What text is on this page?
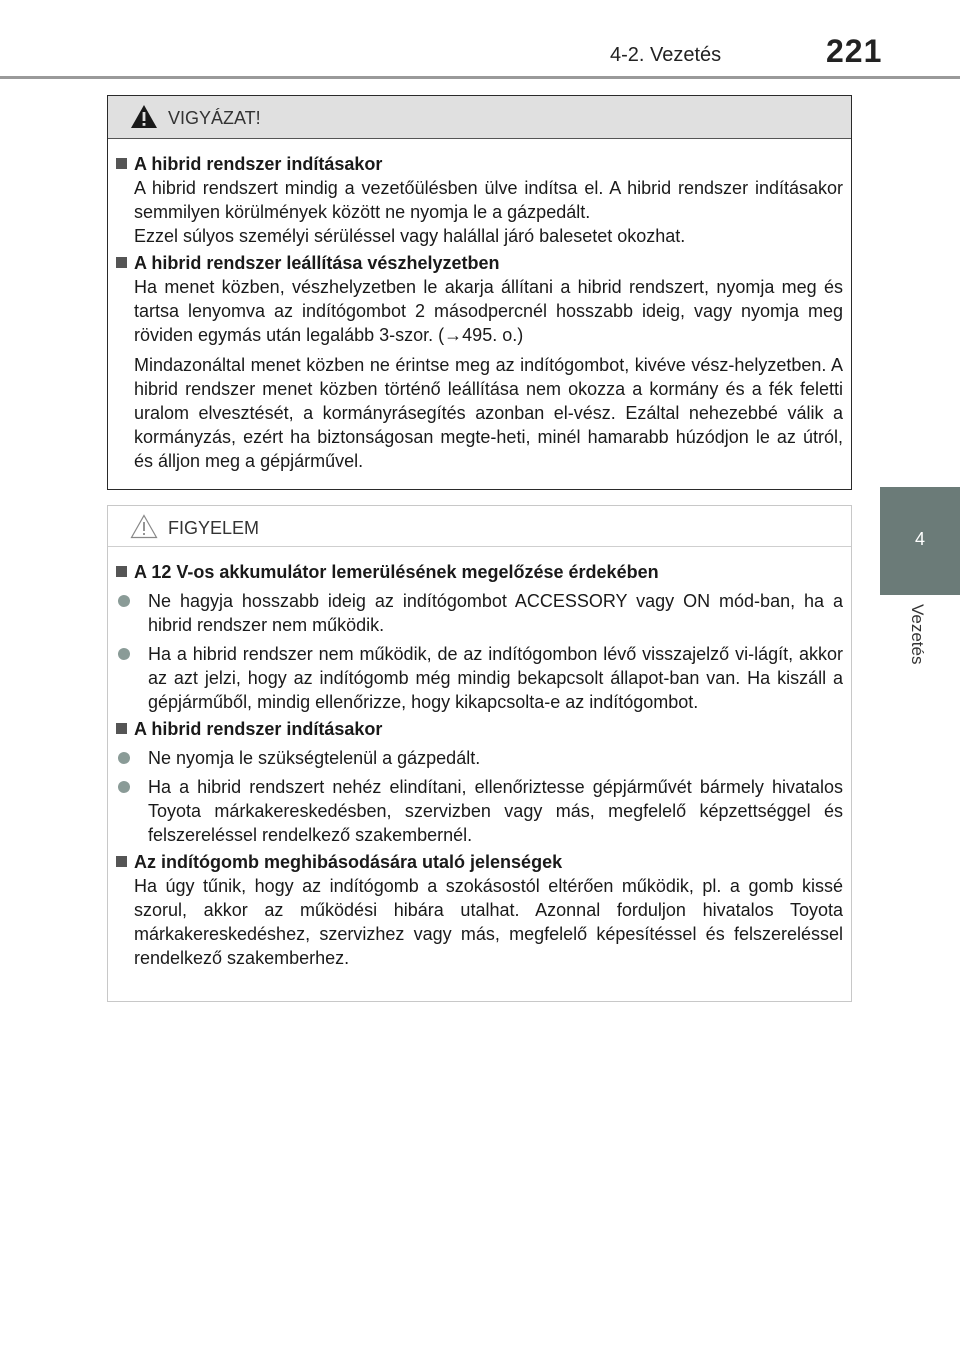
4-2. Vezetés	221
4
Vezetés
VIGYÁZAT!
A hibrid rendszer indításakor
A hibrid rendszert mindig a vezetőülésben ülve indítsa el. A hibrid rendszer indításakor semmilyen körülmények között ne nyomja le a gázpedált.
Ezzel súlyos személyi sérüléssel vagy halállal járó balesetet okozhat.
A hibrid rendszer leállítása vészhelyzetben
Ha menet közben, vészhelyzetben le akarja állítani a hibrid rendszert, nyomja meg és tartsa lenyomva az indítógombot 2 másodpercnél hosszabb ideig, vagy nyomja meg röviden egymás után legalább 3-szor. (→495. o.)
Mindazonáltal menet közben ne érintse meg az indítógombot, kivéve vész-helyzetben. A hibrid rendszer menet közben történő leállítása nem okozza a kormány és a fék feletti uralom elvesztését, a kormányrásegítés azonban el-vész. Ezáltal nehezebbé válik a kormányzás, ezért ha biztonságosan megte-heti, minél hamarabb húzódjon le az útról, és álljon meg a gépjárművel.
FIGYELEM
A 12 V-os akkumulátor lemerülésének megelőzése érdekében
Ne hagyja hosszabb ideig az indítógombot ACCESSORY vagy ON mód-ban, ha a hibrid rendszer nem működik.
Ha a hibrid rendszer nem működik, de az indítógombon lévő visszajelző vi-lágít, akkor az azt jelzi, hogy az indítógomb még mindig bekapcsolt állapot-ban van. Ha kiszáll a gépjárműből, mindig ellenőrizze, hogy kikapcsolta-e az indítógombot.
A hibrid rendszer indításakor
Ne nyomja le szükségtelenül a gázpedált.
Ha a hibrid rendszert nehéz elindítani, ellenőriztesse gépjárművét bármely hivatalos Toyota márkakereskedésben, szervizben vagy más, megfelelő képzettséggel és felszereléssel rendelkező szakembernél.
Az indítógomb meghibásodására utaló jelenségek
Ha úgy tűnik, hogy az indítógomb a szokásostól eltérően működik, pl. a gomb kissé szorul, akkor az működési hibára utalhat. Azonnal forduljon hivatalos Toyota márkakereskedéshez, szervizhez vagy más, megfelelő képesítéssel és felszereléssel rendelkező szakemberhez.
